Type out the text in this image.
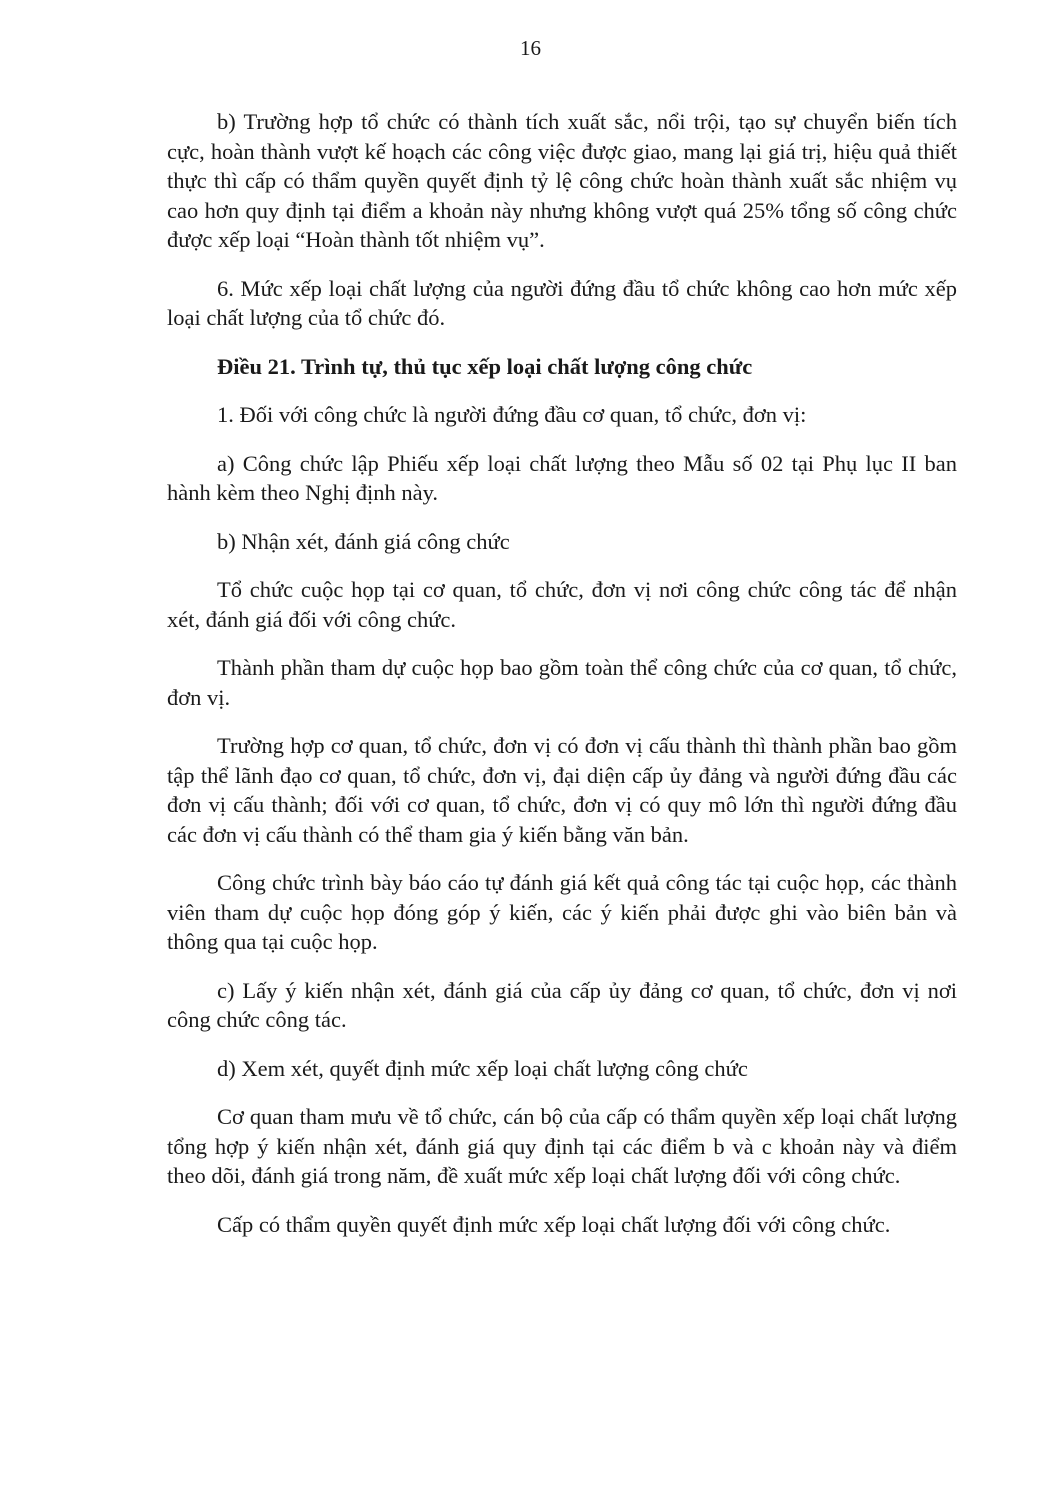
16

b) Trường hợp tổ chức có thành tích xuất sắc, nổi trội, tạo sự chuyển biến tích cực, hoàn thành vượt kế hoạch các công việc được giao, mang lại giá trị, hiệu quả thiết thực thì cấp có thẩm quyền quyết định tỷ lệ công chức hoàn thành xuất sắc nhiệm vụ cao hơn quy định tại điểm a khoản này nhưng không vượt quá 25% tổng số công chức được xếp loại “Hoàn thành tốt nhiệm vụ”.

6. Mức xếp loại chất lượng của người đứng đầu tổ chức không cao hơn mức xếp loại chất lượng của tổ chức đó.

Điều 21. Trình tự, thủ tục xếp loại chất lượng công chức

1. Đối với công chức là người đứng đầu cơ quan, tổ chức, đơn vị:

a) Công chức lập Phiếu xếp loại chất lượng theo Mẫu số 02 tại Phụ lục II ban hành kèm theo Nghị định này.

b) Nhận xét, đánh giá công chức

Tổ chức cuộc họp tại cơ quan, tổ chức, đơn vị nơi công chức công tác để nhận xét, đánh giá đối với công chức.

Thành phần tham dự cuộc họp bao gồm toàn thể công chức của cơ quan, tổ chức, đơn vị.

Trường hợp cơ quan, tổ chức, đơn vị có đơn vị cấu thành thì thành phần bao gồm tập thể lãnh đạo cơ quan, tổ chức, đơn vị, đại diện cấp ủy đảng và người đứng đầu các đơn vị cấu thành; đối với cơ quan, tổ chức, đơn vị có quy mô lớn thì người đứng đầu các đơn vị cấu thành có thể tham gia ý kiến bằng văn bản.

Công chức trình bày báo cáo tự đánh giá kết quả công tác tại cuộc họp, các thành viên tham dự cuộc họp đóng góp ý kiến, các ý kiến phải được ghi vào biên bản và thông qua tại cuộc họp.

c) Lấy ý kiến nhận xét, đánh giá của cấp ủy đảng cơ quan, tổ chức, đơn vị nơi công chức công tác.

d) Xem xét, quyết định mức xếp loại chất lượng công chức

Cơ quan tham mưu về tổ chức, cán bộ của cấp có thẩm quyền xếp loại chất lượng tổng hợp ý kiến nhận xét, đánh giá quy định tại các điểm b và c khoản này và điểm theo dõi, đánh giá trong năm, đề xuất mức xếp loại chất lượng đối với công chức.

Cấp có thẩm quyền quyết định mức xếp loại chất lượng đối với công chức.
